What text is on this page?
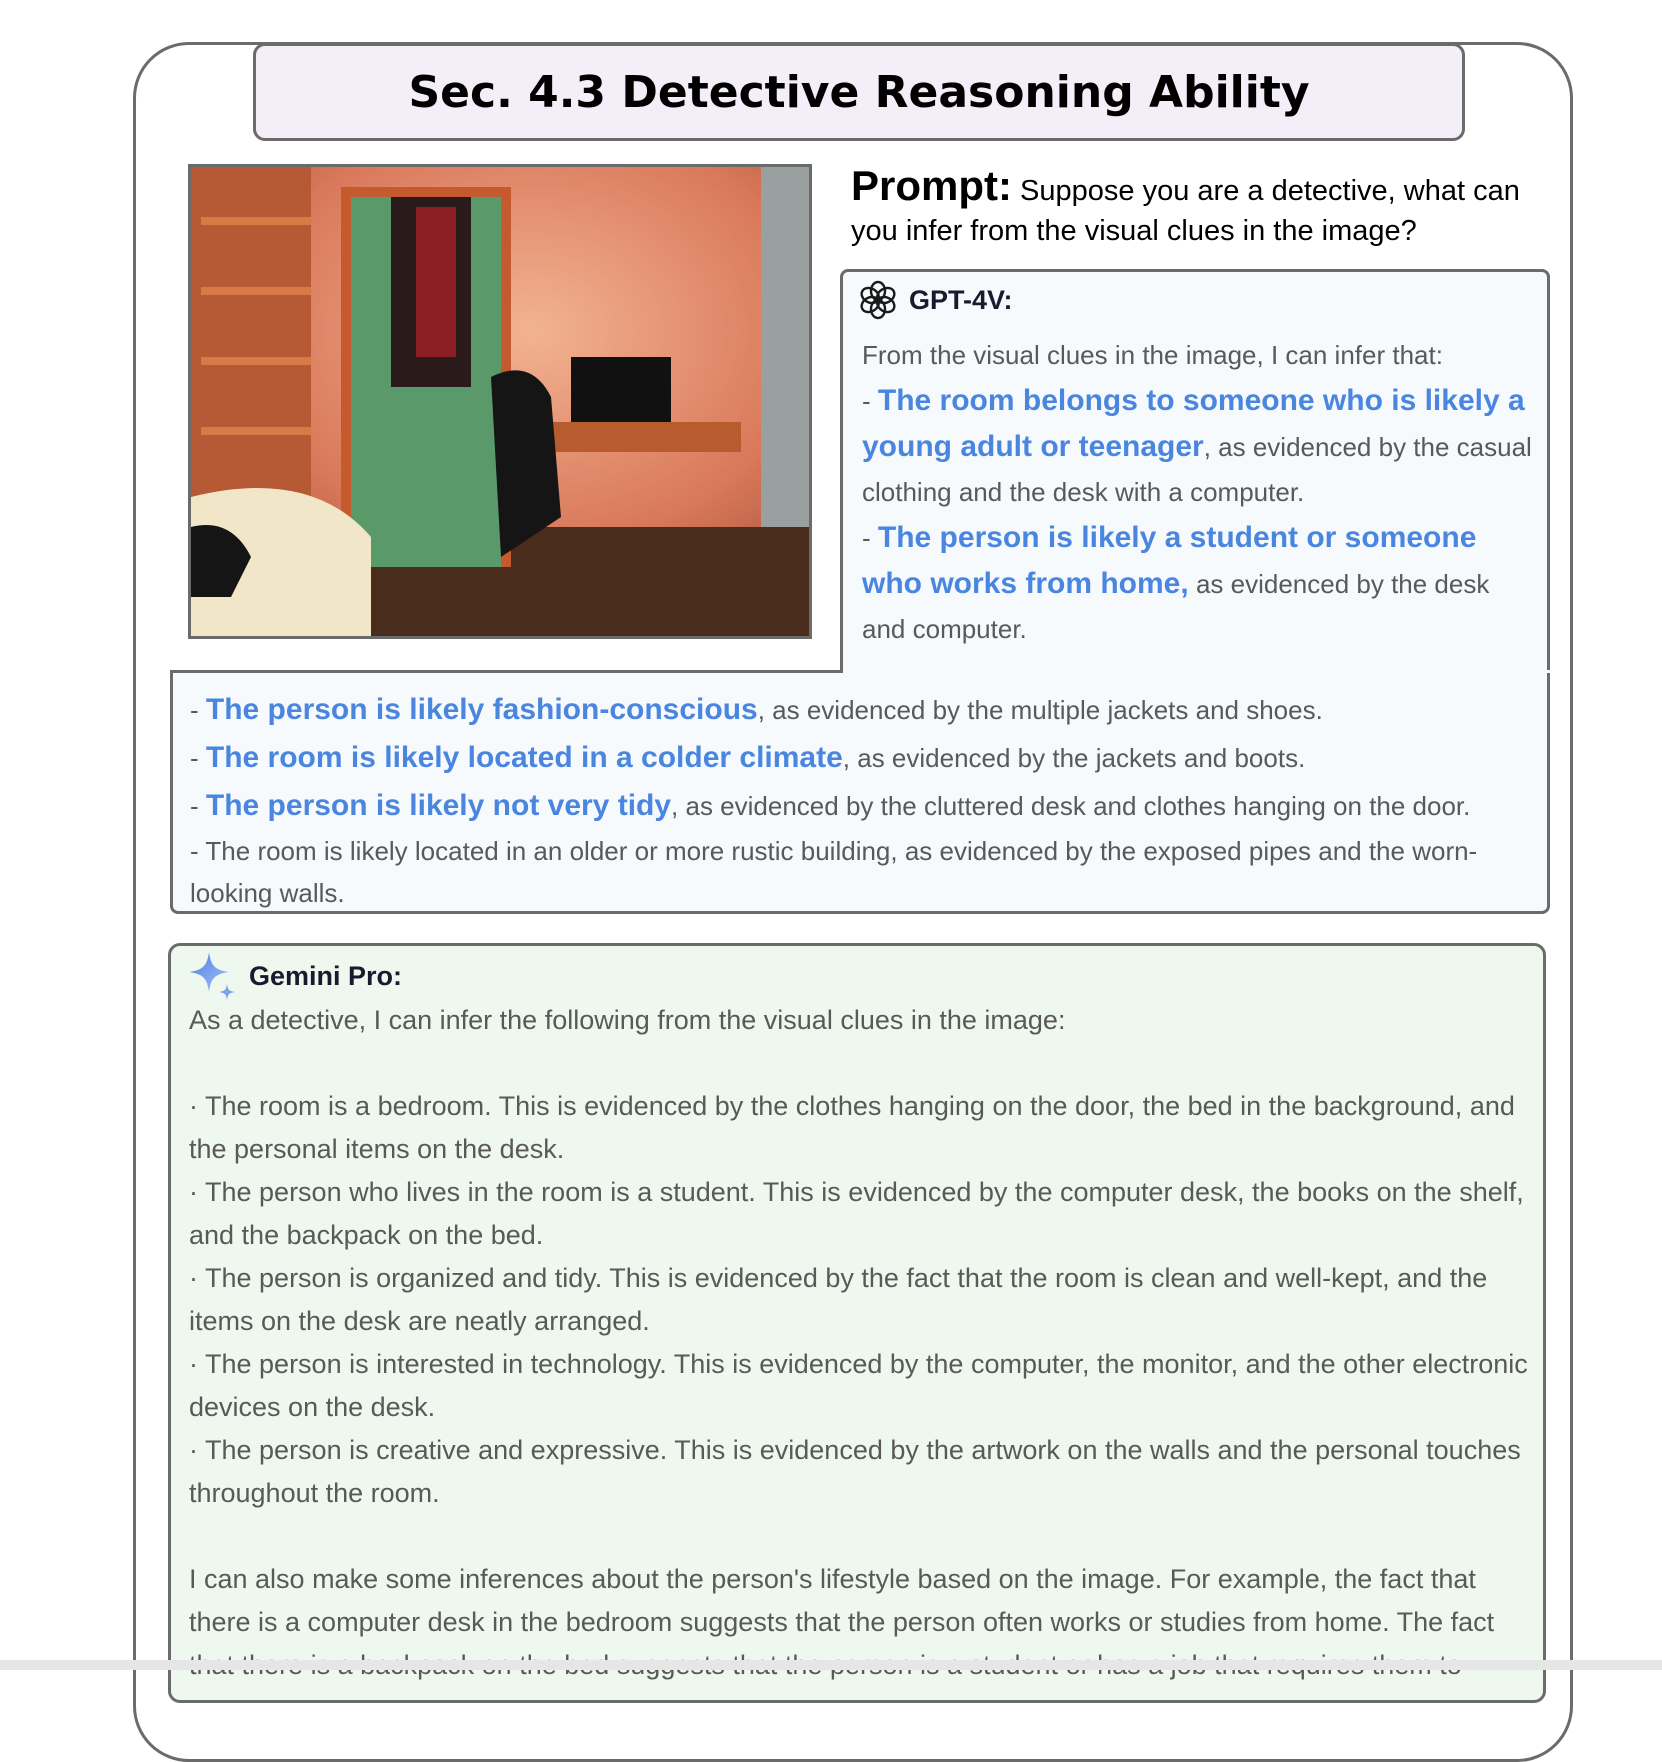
Sec. 4.3 Detective Reasoning Ability
Prompt: Suppose you are a detective, what can you infer from the visual clues in the image?
GPT-4V:

From the visual clues in the image, I can infer that:

- The room belongs to someone who is likely a young adult or teenager, as evidenced by the casual clothing and the desk with a computer.

- The person is likely a student or someone who works from home, as evidenced by the desk and computer.

- The person is likely fashion-conscious, as evidenced by the multiple jackets and shoes.

- The room is likely located in a colder climate, as evidenced by the jackets and boots.

- The person is likely not very tidy, as evidenced by the cluttered desk and clothes hanging on the door.

- The room is likely located in an older or more rustic building, as evidenced by the exposed pipes and the worn-looking walls.

Gemini Pro:

As a detective, I can infer the following from the visual clues in the image:

· The room is a bedroom. This is evidenced by the clothes hanging on the door, the bed in the background, and the personal items on the desk.

· The person who lives in the room is a student. This is evidenced by the computer desk, the books on the shelf, and the backpack on the bed.

· The person is organized and tidy. This is evidenced by the fact that the room is clean and well-kept, and the items on the desk are neatly arranged.

· The person is interested in technology. This is evidenced by the computer, the monitor, and the other electronic devices on the desk.

· The person is creative and expressive. This is evidenced by the artwork on the walls and the personal touches throughout the room.

I can also make some inferences about the person's lifestyle based on the image. For example, the fact that there is a computer desk in the bedroom suggests that the person often works or studies from home. The fact
